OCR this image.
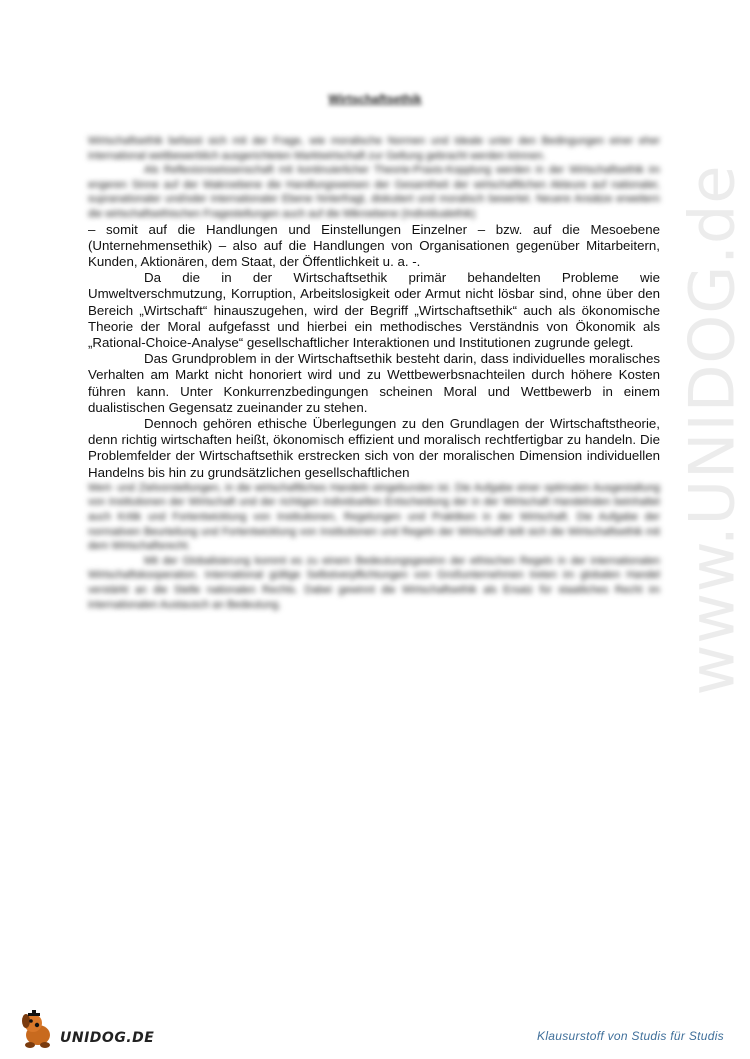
www.UNIDOG.de
Wirtschaftsethik

Wirtschaftsethik befasst sich mit der Frage, wie moralische Normen und Ideale unter den Bedingungen einer eher international wettbewerblich ausgerichteten Marktwirtschaft zur Geltung gebracht werden können.

Als Reflexionswissenschaft mit kontinuierlicher Theorie-Praxis-Kopplung werden in der Wirtschaftsethik im engeren Sinne auf der Makroebene die Handlungsweisen der Gesamtheit der wirtschaftlichen Akteure auf nationaler, supranationaler und/oder internationaler Ebene hinterfragt, diskutiert und moralisch bewertet. Neuere Ansätze erweitern die wirtschaftsethischen Fragestellungen auch auf die Mikroebene (Individualethik)

– somit auf die Handlungen und Einstellungen Einzelner – bzw. auf die Mesoebene (Unternehmensethik) – also auf die Handlungen von Organisationen gegenüber Mitarbeitern, Kunden, Aktionären, dem Staat, der Öffentlichkeit u. a. -.

Da die in der Wirtschaftsethik primär behandelten Probleme wie Umweltverschmutzung, Korruption, Arbeitslosigkeit oder Armut nicht lösbar sind, ohne über den Bereich „Wirtschaft“ hinauszugehen, wird der Begriff „Wirtschaftsethik“ auch als ökonomische Theorie der Moral aufgefasst und hierbei ein methodisches Verständnis von Ökonomik als „Rational-Choice-Analyse“ gesellschaftlicher Interaktionen und Institutionen zugrunde gelegt.

Das Grundproblem in der Wirtschaftsethik besteht darin, dass individuelles moralisches Verhalten am Markt nicht honoriert wird und zu Wettbewerbsnachteilen durch höhere Kosten führen kann. Unter Konkurrenzbedingungen scheinen Moral und Wettbewerb in einem dualistischen Gegensatz zueinander zu stehen.

Dennoch gehören ethische Überlegungen zu den Grundlagen der Wirtschaftstheorie, denn richtig wirtschaften heißt, ökonomisch effizient und moralisch rechtfertigbar zu handeln. Die Problemfelder der Wirtschaftsethik erstrecken sich von der moralischen Dimension individuellen Handelns bis hin zu grundsätzlichen gesellschaftlichen

Wert- und Zielvorstellungen, in die wirtschaftliches Handeln eingebunden ist. Die Aufgabe einer optimalen Ausgestaltung von Institutionen der Wirtschaft und der richtigen individuellen Entscheidung der in der Wirtschaft Handelnden beinhaltet auch Kritik und Fortentwicklung von Institutionen, Regelungen und Praktiken in der Wirtschaft. Die Aufgabe der normativen Beurteilung und Fortentwicklung von Institutionen und Regeln der Wirtschaft teilt sich die Wirtschaftsethik mit dem Wirtschaftsrecht.

Mit der Globalisierung kommt es zu einem Bedeutungsgewinn der ethischen Regeln in der internationalen Wirtschaftskooperation. International gültige Selbstverpflichtungen von Großunternehmen treten im globalen Handel verstärkt an die Stelle nationalen Rechts. Dabei gewinnt die Wirtschaftsethik als Ersatz für staatliches Recht im internationalen Austausch an Bedeutung.

UNIDOG.DE	Klausurstoff von Studis für Studis
